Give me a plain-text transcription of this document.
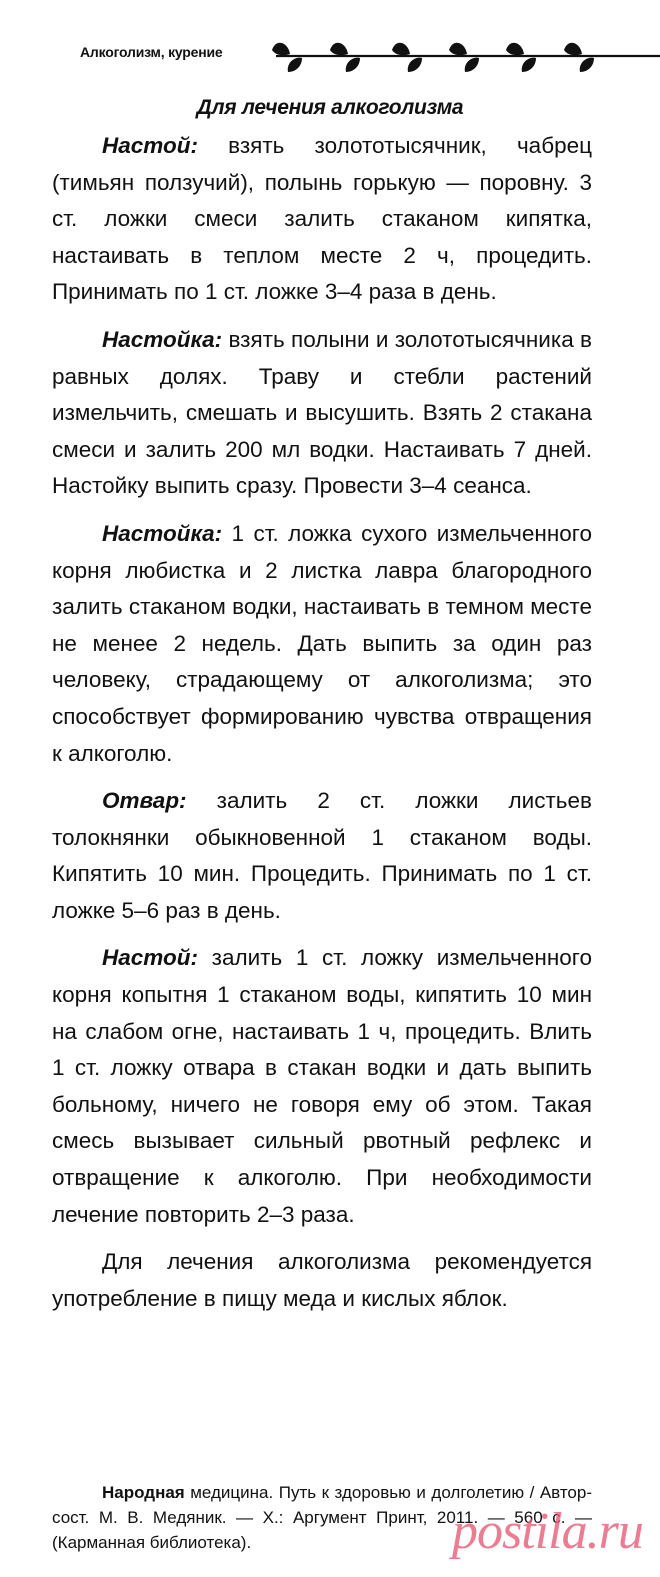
Алкоголизм, курение
Для лечения алкоголизма

Настой: взять золототысячник, чабрец (тимьян ползучий), полынь горькую — поровну. 3 ст. ложки смеси залить стаканом кипятка, настаивать в теплом месте 2 ч, процедить. Принимать по 1 ст. ложке 3–4 раза в день.

Настойка: взять полыни и золототысячника в равных долях. Траву и стебли растений измельчить, смешать и высушить. Взять 2 стакана смеси и залить 200 мл водки. Настаивать 7 дней. Настойку выпить сразу. Провести 3–4 сеанса.

Настойка: 1 ст. ложка сухого измельченного корня любистка и 2 листка лавра благородного залить стаканом водки, настаивать в темном месте не менее 2 недель. Дать выпить за один раз человеку, страдающему от алкоголизма; это способствует формированию чувства отвращения к алкоголю.

Отвар: залить 2 ст. ложки листьев толокнянки обыкновенной 1 стаканом воды. Кипятить 10 мин. Процедить. Принимать по 1 ст. ложке 5–6 раз в день.

Настой: залить 1 ст. ложку измельченного корня копытня 1 стаканом воды, кипятить 10 мин на слабом огне, настаивать 1 ч, процедить. Влить 1 ст. ложку отвара в стакан водки и дать выпить больному, ничего не говоря ему об этом. Такая смесь вызывает сильный рвотный рефлекс и отвращение к алкоголю. При необходимости лечение повторить 2–3 раза.

Для лечения алкоголизма рекомендуется употребление в пищу меда и кислых яблок.

Народная медицина. Путь к здоровью и долголетию / Автор-сост. М. В. Медяник. — Х.: Аргумент Принт, 2011. — 560 с. — (Карманная библиотека).	postila.ru
